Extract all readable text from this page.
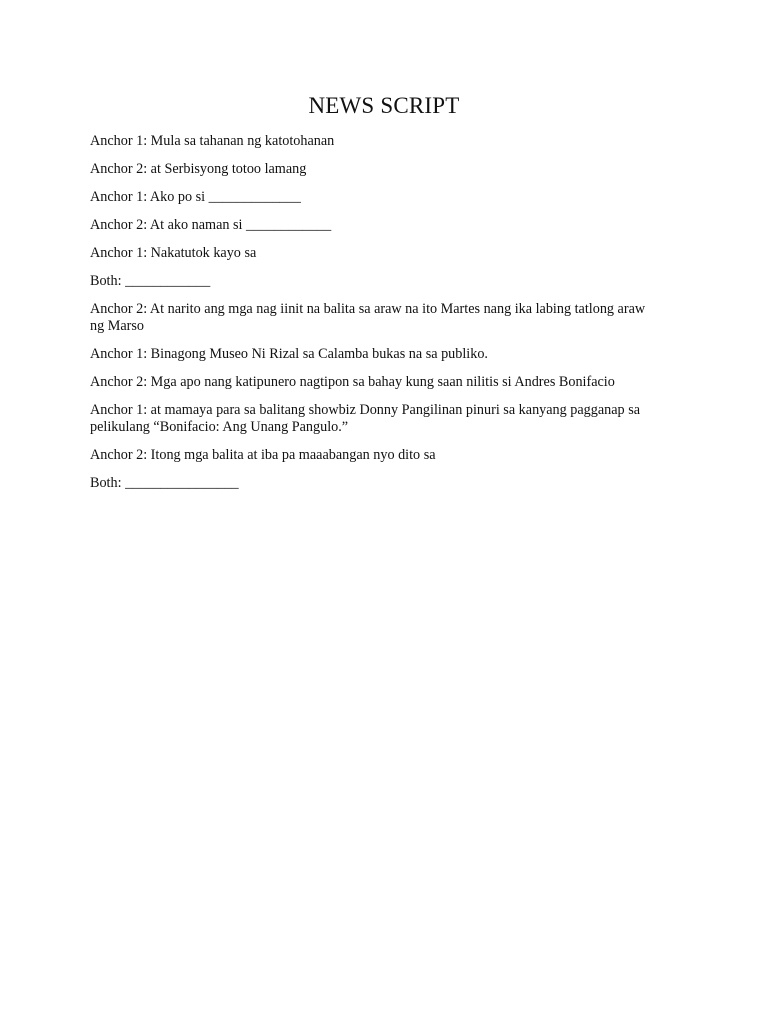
NEWS SCRIPT

Anchor 1: Mula sa tahanan ng katotohanan

Anchor 2: at Serbisyong totoo lamang

Anchor 1: Ako po si _____________

Anchor 2: At ako naman si ____________

Anchor 1: Nakatutok kayo sa

Both: ____________

Anchor 2: At narito ang mga nag iinit na balita sa araw na ito Martes nang ika labing tatlong araw ng Marso

Anchor 1: Binagong Museo Ni Rizal sa Calamba bukas na sa publiko.

Anchor 2: Mga apo nang katipunero nagtipon sa bahay kung saan nilitis si Andres Bonifacio

Anchor 1: at mamaya para sa balitang showbiz Donny Pangilinan pinuri sa kanyang pagganap sa pelikulang “Bonifacio: Ang Unang Pangulo.”

Anchor 2: Itong mga balita at iba pa maaabangan nyo dito sa

Both: ________________
